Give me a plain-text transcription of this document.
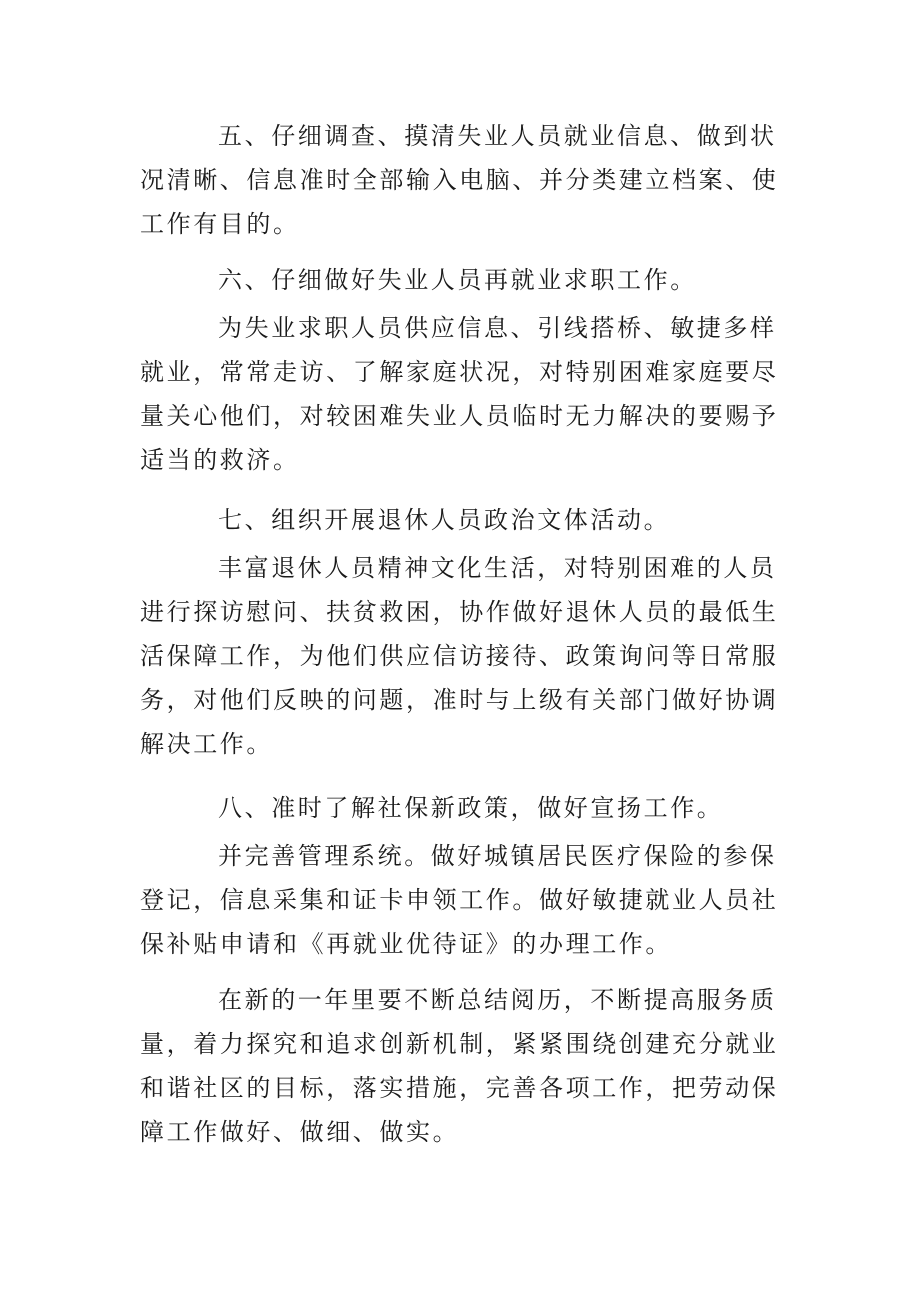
五、仔细调查、摸清失业人员就业信息、做到状况清晰、信息准时全部输入电脑、并分类建立档案、使工作有目的。

六、仔细做好失业人员再就业求职工作。

为失业求职人员供应信息、引线搭桥、敏捷多样就业，常常走访、了解家庭状况，对特别困难家庭要尽量关心他们，对较困难失业人员临时无力解决的要赐予适当的救济。

七、组织开展退休人员政治文体活动。

丰富退休人员精神文化生活，对特别困难的人员进行探访慰问、扶贫救困，协作做好退休人员的最低生活保障工作，为他们供应信访接待、政策询问等日常服务，对他们反映的问题，准时与上级有关部门做好协调解决工作。

八、准时了解社保新政策，做好宣扬工作。

并完善管理系统。做好城镇居民医疗保险的参保登记，信息采集和证卡申领工作。做好敏捷就业人员社保补贴申请和《再就业优待证》的办理工作。

在新的一年里要不断总结阅历，不断提高服务质量，着力探究和追求创新机制，紧紧围绕创建充分就业和谐社区的目标，落实措施，完善各项工作，把劳动保障工作做好、做细、做实。
